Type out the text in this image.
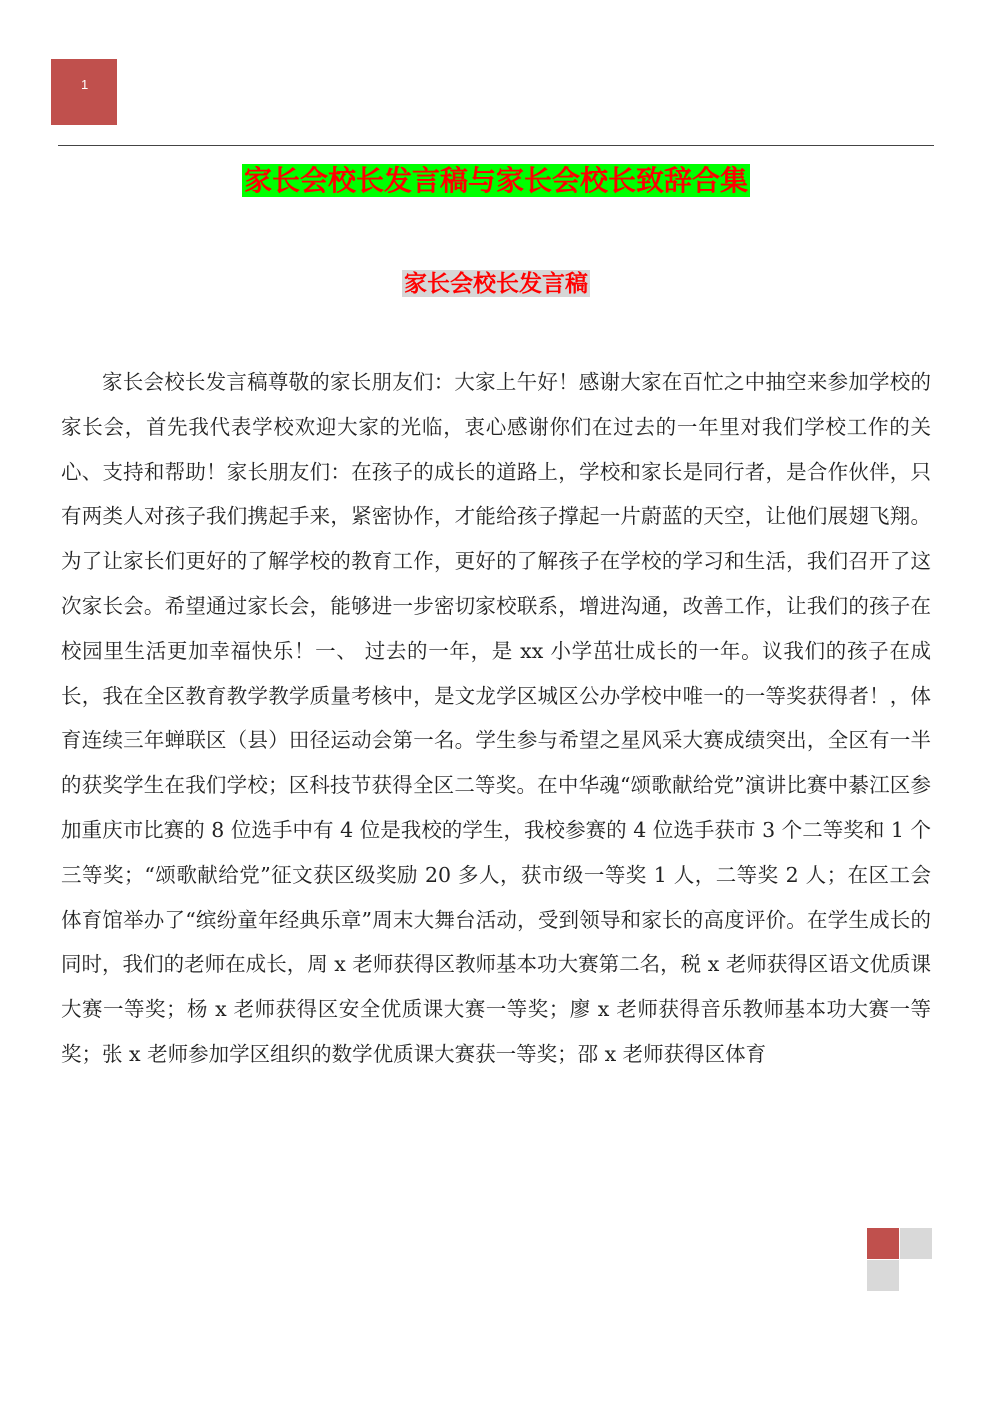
1
家长会校长发言稿与家长会校长致辞合集
家长会校长发言稿

家长会校长发言稿尊敬的家长朋友们：大家上午好！感谢大家在百忙之中抽空来参加学校的家长会，首先我代表学校欢迎大家的光临，衷心感谢你们在过去的一年里对我们学校工作的关心、支持和帮助！家长朋友们：在孩子的成长的道路上，学校和家长是同行者，是合作伙伴，只有两类人对孩子我们携起手来，紧密协作，才能给孩子撑起一片蔚蓝的天空，让他们展翅飞翔。为了让家长们更好的了解学校的教育工作，更好的了解孩子在学校的学习和生活，我们召开了这次家长会。希望通过家长会，能够进一步密切家校联系，增进沟通，改善工作，让我们的孩子在校园里生活更加幸福快乐！一、 过去的一年，是 xx 小学茁壮成长的一年。议我们的孩子在成长，我在全区教育教学教学质量考核中，是文龙学区城区公办学校中唯一的一等奖获得者！，体育连续三年蝉联区（县）田径运动会第一名。学生参与希望之星风采大赛成绩突出，全区有一半的获奖学生在我们学校；区科技节获得全区二等奖。在中华魂“颂歌献给党”演讲比赛中綦江区参加重庆市比赛的 8 位选手中有 4 位是我校的学生，我校参赛的 4 位选手获市 3 个二等奖和 1 个三等奖；“颂歌献给党”征文获区级奖励 20 多人，获市级一等奖 1 人，二等奖 2 人；在区工会体育馆举办了“缤纷童年经典乐章”周末大舞台活动，受到领导和家长的高度评价。在学生成长的同时，我们的老师在成长，周 x 老师获得区教师基本功大赛第二名，税 x 老师获得区语文优质课大赛一等奖；杨 x 老师获得区安全优质课大赛一等奖；廖 x 老师获得音乐教师基本功大赛一等奖；张 x 老师参加学区组织的数学优质课大赛获一等奖；邵 x 老师获得区体育
